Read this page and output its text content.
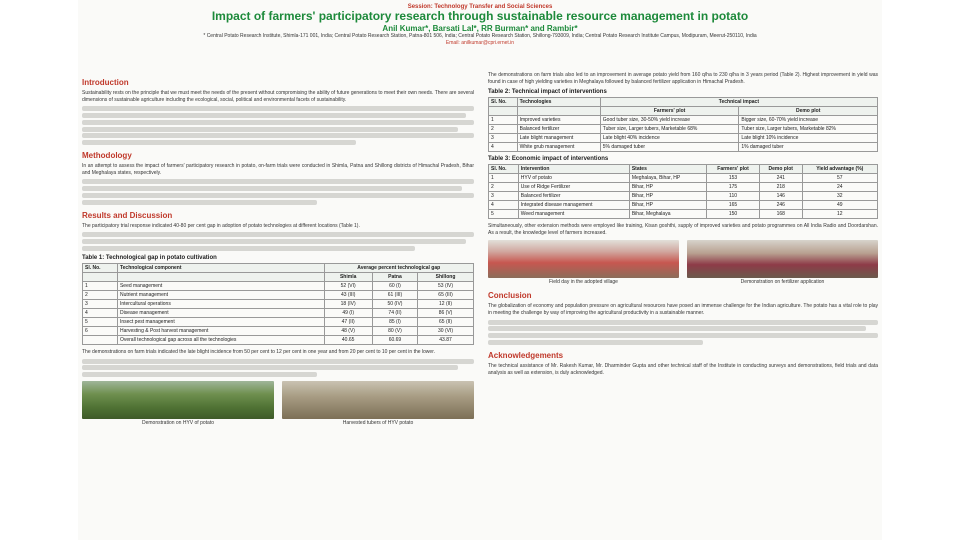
Session: Technology Transfer and Social Sciences
Impact of farmers' participatory research through sustainable resource management in potato
Anil Kumar*, Barsati Lal*, RR Burman* and Rambir*
* Central Potato Research Institute, Shimla-171 001, India; Central Potato Research Station, Patna-801 506, India; Central Potato Research Station, Shillong-793009, India; Central Potato Research Institute Campus, Modipuram, Meerut-250110, India
Email: anilkumar@cpri.ernet.in
Introduction

Sustainability rests on the principle that we must meet the needs of the present without compromising the ability of future generations to meet their own needs. There are several dimensions of sustainable agriculture including the ecological, social, political and environmental facets of sustainability.

Methodology

In an attempt to assess the impact of farmers' participatory research in potato, on-farm trials were conducted in Shimla, Patna and Shillong districts of Himachal Pradesh, Bihar and Meghalaya states, respectively.

Results and Discussion

The participatory trial response indicated 40-80 per cent gap in adoption of potato technologies at different locations (Table 1).

Table 1: Technological gap in potato cultivation
Sl. No.	Technological component	Average percent technological gap		
		Shimla	Patna	Shillong
1	Seed management	52 (VI)	60 (I)	53 (IV)
2	Nutrient management	43 (III)	61 (III)	65 (III)
3	Intercultural operations	18 (IV)	50 (IV)	12 (II)
4	Disease management	49 (I)	74 (II)	86 (V)
5	Insect pest management	47 (II)	85 (I)	65 (II)
6	Harvesting & Post harvest management	48 (V)	80 (V)	30 (VI)
	Overall technological gap across all the technologies	40.65	60.69	43.87

The demonstrations on farm trials indicated the late blight incidence from 50 per cent to 12 per cent in one year and from 20 per cent to 10 per cent in the lower.

Demonstration on HYV of potato	Harvested tubers of HYV potato

The demonstrations on farm trials also led to an improvement in average potato yield from 160 q/ha to 230 q/ha in 3 years period (Table 2). Highest improvement in yield was found in case of high yielding varieties in Meghalaya followed by balanced fertilizer application in Himachal Pradesh.

Table 2: Technical impact of interventions
Sl. No.	Technologies	Technical impact	
		Farmers' plot	Demo plot
1	Improved varieties	Good tuber size, 30-50% yield increase	Bigger size, 60-70% yield increase
2	Balanced fertilizer	Tuber size, Larger tubers, Marketable 68%	Tuber size, Larger tubers, Marketable 82%
3	Late blight management	Late blight 40% incidence	Late blight 10% incidence
4	White grub management	5% damaged tuber	1% damaged tuber
Table 3: Economic impact of interventions
Sl. No.	Intervention	States	Farmers' plot	Demo plot	Yield advantage (%)
1	HYV of potato	Meghalaya, Bihar, HP	153	241	57
2	Use of Ridge Fertilizer	Bihar, HP	175	218	24
3	Balanced fertilizer	Bihar, HP	110	146	32
4	Integrated disease management	Bihar, HP	165	246	49
5	Weed management	Bihar, Meghalaya	150	168	12

Simultaneously, other extension methods were employed like training, Kisan goshthi, supply of improved varieties and potato programmes on All India Radio and Doordarshan. As a result, the knowledge level of farmers increased.

Field day in the adopted village	Demonstration on fertilizer application
Conclusion

The globalization of economy and population pressure on agricultural resources have posed an immense challenge for the Indian agriculture. The potato has a vital role to play in meeting the challenge by way of improving the agricultural productivity in a sustainable manner.

Acknowledgements

The technical assistance of Mr. Rakesh Kumar, Mr. Dharminder Gupta and other technical staff of the Institute in conducting surveys and demonstrations, field trials and data analysis as well as extension, is duly acknowledged.
